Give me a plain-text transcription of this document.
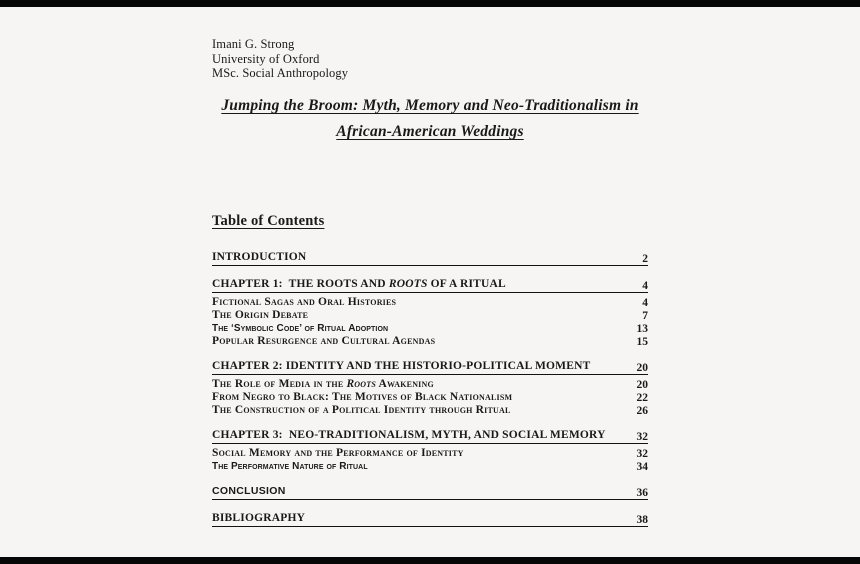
Imani G. Strong
University of Oxford
MSc. Social Anthropology
Jumping the Broom: Myth, Memory and Neo-Traditionalism in
African-American Weddings
Table of Contents
INTRODUCTION	2
CHAPTER 1:  THE ROOTS AND ROOTS OF A RITUAL	4
Fictional Sagas and Oral Histories	4
The Origin Debate	7
The ‘Symbolic Code’ of Ritual Adoption	13
Popular Resurgence and Cultural Agendas	15
CHAPTER 2: IDENTITY AND THE HISTORIO-POLITICAL MOMENT	20
The Role of Media in the Roots Awakening	20
From Negro to Black: The Motives of Black Nationalism	22
The Construction of a Political Identity through Ritual	26
CHAPTER 3:  NEO-TRADITIONALISM, MYTH, AND SOCIAL MEMORY	32
Social Memory and the Performance of Identity	32
The Performative Nature of Ritual	34
CONCLUSION	36
BIBLIOGRAPHY	38
